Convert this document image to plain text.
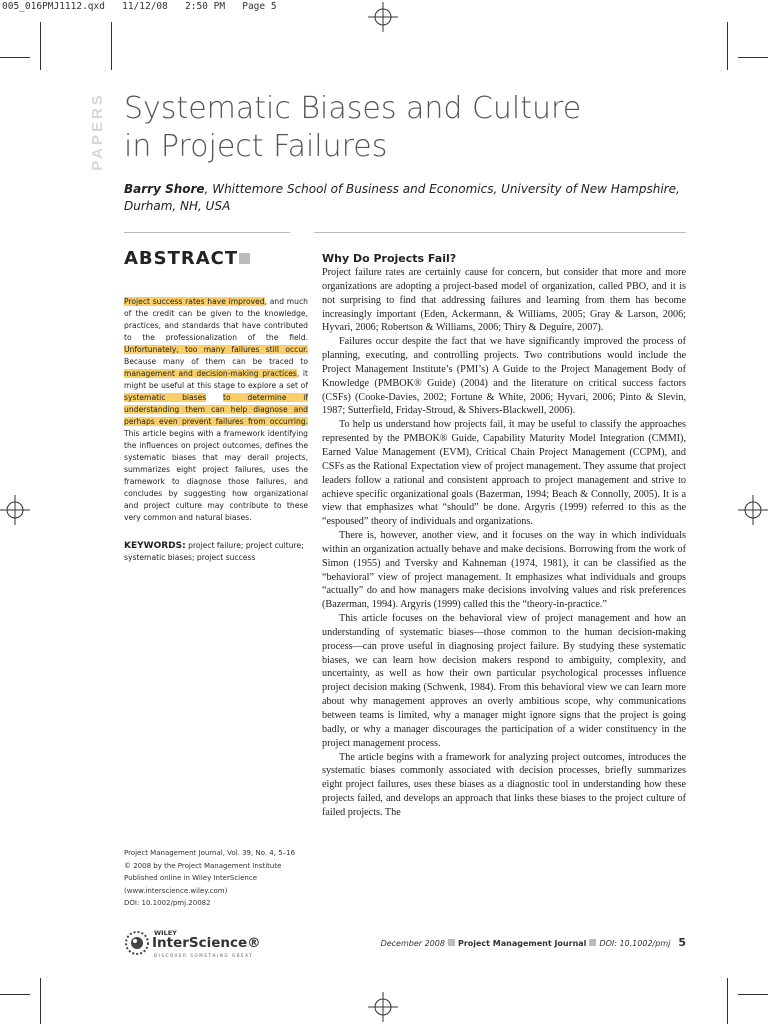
005_016PMJ1112.qxd   11/12/08   2:50 PM   Page 5
PAPERS Systematic Biases and Culture
in Project Failures
Barry Shore, Whittemore School of Business and Economics, University of New Hampshire,
Durham, NH, USA
ABSTRACT
Project success rates have improved, and much of the credit can be given to the knowledge, practices, and standards that have contributed to the professionalization of the field. Unfortunately, too many failures still occur. Because many of them can be traced to management and decision-making practices, it might be useful at this stage to explore a set of systematic biases to determine if understanding them can help diagnose and perhaps even prevent failures from occurring. This article begins with a framework identifying the influences on project outcomes, defines the systematic biases that may derail projects, summarizes eight project failures, uses the framework to diagnose those failures, and concludes by suggesting how organizational and project culture may contribute to these very common and natural biases.
KEYWORDS: project failure; project culture; systematic biases; project success
Project Management Journal, Vol. 39, No. 4, 5–16
© 2008 by the Project Management Institute
Published online in Wiley InterScience
(www.interscience.wiley.com)
DOI: 10.1002/pmj.20082
WILEY
InterScience®
DISCOVER SOMETHING GREAT
Why Do Projects Fail?

Project failure rates are certainly cause for concern, but consider that more and more organizations are adopting a project-based model of organization, called PBO, and it is not surprising to find that addressing failures and learning from them has become increasingly important (Eden, Ackermann, & Williams, 2005; Gray & Larson, 2006; Hyvari, 2006; Robertson & Williams, 2006; Thiry & Deguire, 2007).

Failures occur despite the fact that we have significantly improved the process of planning, executing, and controlling projects. Two contributions would include the Project Management Institute’s (PMI’s) A Guide to the Project Management Body of Knowledge (PMBOK® Guide) (2004) and the literature on critical success factors (CSFs) (Cooke-Davies, 2002; Fortune & White, 2006; Hyvari, 2006; Pinto & Slevin, 1987; Sutterfield, Friday-Stroud, & Shivers-Blackwell, 2006).

To help us understand how projects fail, it may be useful to classify the approaches represented by the PMBOK® Guide, Capability Maturity Model Integration (CMMI), Earned Value Management (EVM), Critical Chain Project Management (CCPM), and CSFs as the Rational Expectation view of project management. They assume that project leaders follow a rational and consistent approach to project management and strive to achieve specific organizational goals (Bazerman, 1994; Beach & Connolly, 2005). It is a view that emphasizes what “should” be done. Argyris (1999) referred to this as the “espoused” theory of individuals and organizations.

There is, however, another view, and it focuses on the way in which individuals within an organization actually behave and make decisions. Borrowing from the work of Simon (1955) and Tversky and Kahneman (1974, 1981), it can be classified as the “behavioral” view of project management. It emphasizes what individuals and groups “actually” do and how managers make decisions involving values and risk preferences (Bazerman, 1994). Argyris (1999) called this the “theory-in-practice.”

This article focuses on the behavioral view of project management and how an understanding of systematic biases—those common to the human decision-making process—can prove useful in diagnosing project failure. By studying these systematic biases, we can learn how decision makers respond to ambiguity, complexity, and uncertainty, as well as how their own particular psychological processes influence project decision making (Schwenk, 1984). From this behavioral view we can learn more about why management approves an overly ambitious scope, why communications between teams is limited, why a manager might ignore signs that the project is going badly, or why a manager discourages the participation of a wider constituency in the project management process.

The article begins with a framework for analyzing project outcomes, introduces the systematic biases commonly associated with decision processes, briefly summarizes eight project failures, uses these biases as a diagnostic tool in understanding how these projects failed, and develops an approach that links these biases to the project culture of failed projects. The

December 2008 Project Management Journal DOI: 10.1002/pmj 5
